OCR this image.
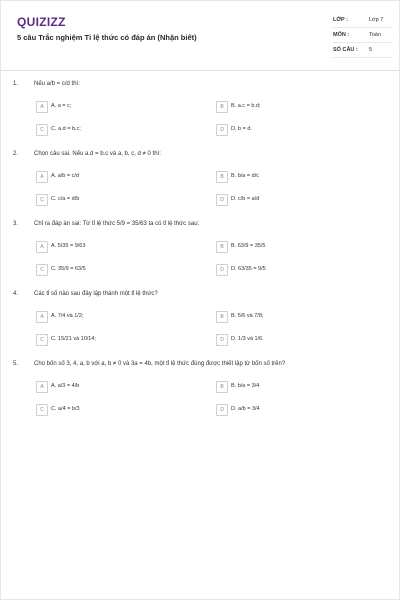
QUIZIZZ
5 câu Trắc nghiệm Tỉ lệ thức có đáp án (Nhận biết)
LỚP :	Lớp 7
MÔN :	Toán
SỐ CÂU : 5
1.	Nếu a/b = c/d thì:
A	A. a = c;	B	B. a.c = b.d;
C	C. a.d = b.c;	D	D. b = d.
2.	Chọn câu sai. Nếu a.d = b.c và a, b, c, d ≠ 0 thì:
A	A. a/b = c/d	B	B. b/a = d/c
C	C. c/a = d/b	D	D. c/b = a/d
3.	Chỉ ra đáp án sai: Từ tỉ lệ thức 5/9 = 35/63 ta có tỉ lệ thức sau:
A	A. 5/35 = 9/63	B	B. 63/9 = 35/5
C	C. 35/9 = 63/5	D	D. 63/35 = 9/5
4.	Các tỉ số nào sau đây lập thành một tỉ lệ thức?
A	A. 7/4 và 1/2;	B	B. 5/6 và 7/8;
C	C. 15/21 và 10/14;	D	D. 1/3 và 1/6.
5.	Cho bốn số 3, 4, a, b với a, b ≠ 0 và 3a = 4b, một tỉ lệ thức đúng được thiết lập từ bốn số trên?
A	A. a/3 = 4/b	B	B. b/a = 3/4
C	C. a/4 = b/3	D	D. a/b = 3/4
